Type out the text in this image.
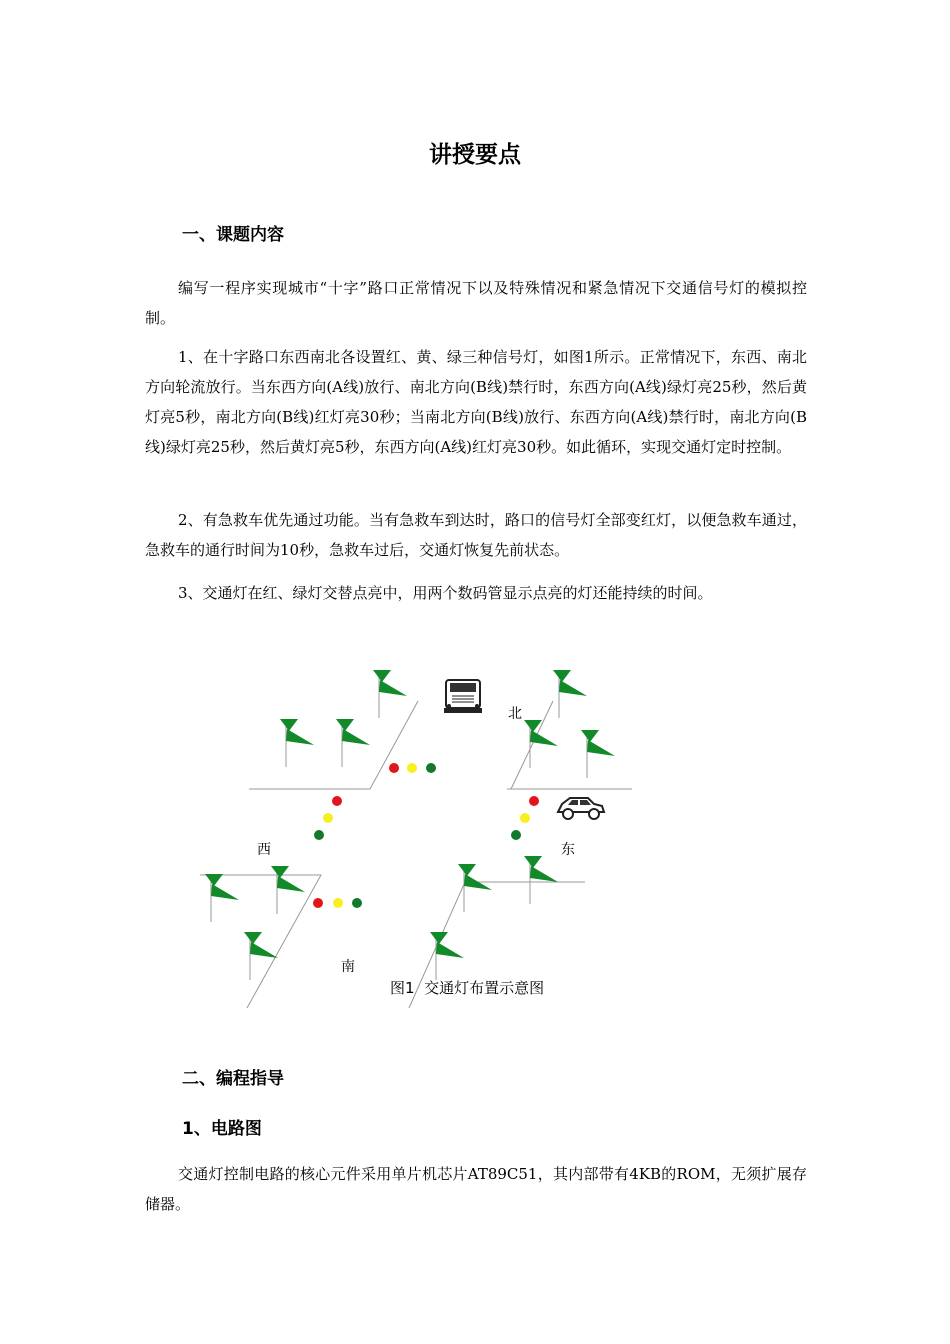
讲授要点
一、课题内容

编写一程序实现城市“十字”路口正常情况下以及特殊情况和紧急情况下交通信号灯的模拟控制。

1、在十字路口东西南北各设置红、黄、绿三种信号灯，如图1所示。正常情况下，东西、南北方向轮流放行。当东西方向(A线)放行、南北方向(B线)禁行时，东西方向(A线)绿灯亮25秒，然后黄灯亮5秒，南北方向(B线)红灯亮30秒；当南北方向(B线)放行、东西方向(A线)禁行时，南北方向(B线)绿灯亮25秒，然后黄灯亮5秒，东西方向(A线)红灯亮30秒。如此循环，实现交通灯定时控制。

2、有急救车优先通过功能。当有急救车到达时，路口的信号灯全部变红灯，以便急救车通过，急救车的通行时间为10秒，急救车过后，交通灯恢复先前状态。

3、交通灯在红、绿灯交替点亮中，用两个数码管显示点亮的灯还能持续的时间。

北
西	东
南
图1  交通灯布置示意图
二、编程指导
1、电路图

交通灯控制电路的核心元件采用单片机芯片AT89C51，其内部带有4KB的ROM，无须扩展存储器。
